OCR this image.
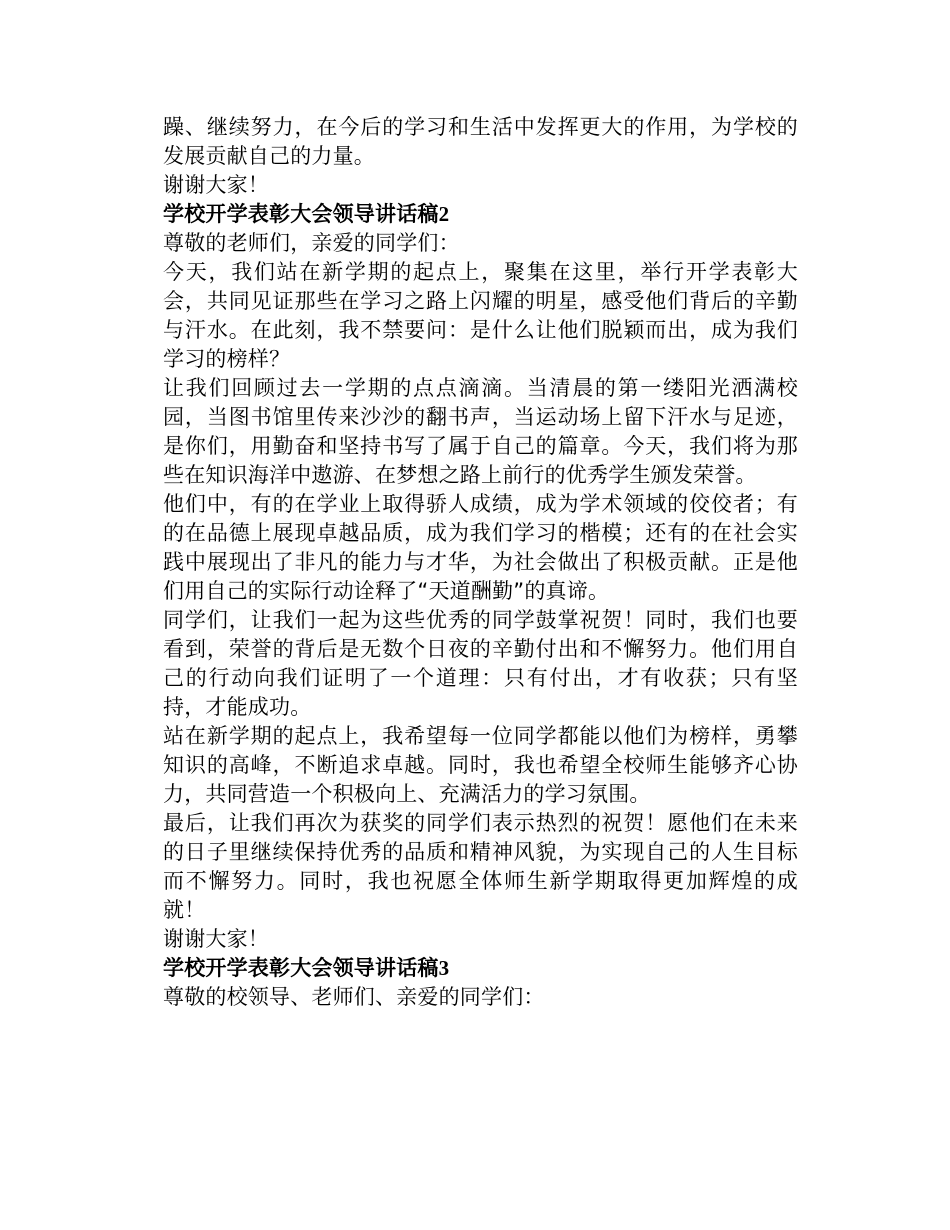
躁、继续努力，在今后的学习和生活中发挥更大的作用，为学校的发展贡献自己的力量。

谢谢大家！

学校开学表彰大会领导讲话稿2

尊敬的老师们，亲爱的同学们：

今天，我们站在新学期的起点上，聚集在这里，举行开学表彰大会，共同见证那些在学习之路上闪耀的明星，感受他们背后的辛勤与汗水。在此刻，我不禁要问：是什么让他们脱颖而出，成为我们学习的榜样？

让我们回顾过去一学期的点点滴滴。当清晨的第一缕阳光洒满校园，当图书馆里传来沙沙的翻书声，当运动场上留下汗水与足迹，是你们，用勤奋和坚持书写了属于自己的篇章。今天，我们将为那些在知识海洋中遨游、在梦想之路上前行的优秀学生颁发荣誉。

他们中，有的在学业上取得骄人成绩，成为学术领域的佼佼者；有的在品德上展现卓越品质，成为我们学习的楷模；还有的在社会实践中展现出了非凡的能力与才华，为社会做出了积极贡献。正是他们用自己的实际行动诠释了“天道酬勤”的真谛。

同学们，让我们一起为这些优秀的同学鼓掌祝贺！同时，我们也要看到，荣誉的背后是无数个日夜的辛勤付出和不懈努力。他们用自己的行动向我们证明了一个道理：只有付出，才有收获；只有坚持，才能成功。

站在新学期的起点上，我希望每一位同学都能以他们为榜样，勇攀知识的高峰，不断追求卓越。同时，我也希望全校师生能够齐心协力，共同营造一个积极向上、充满活力的学习氛围。

最后，让我们再次为获奖的同学们表示热烈的祝贺！愿他们在未来的日子里继续保持优秀的品质和精神风貌，为实现自己的人生目标而不懈努力。同时，我也祝愿全体师生新学期取得更加辉煌的成就！

谢谢大家！

学校开学表彰大会领导讲话稿3

尊敬的校领导、老师们、亲爱的同学们：
